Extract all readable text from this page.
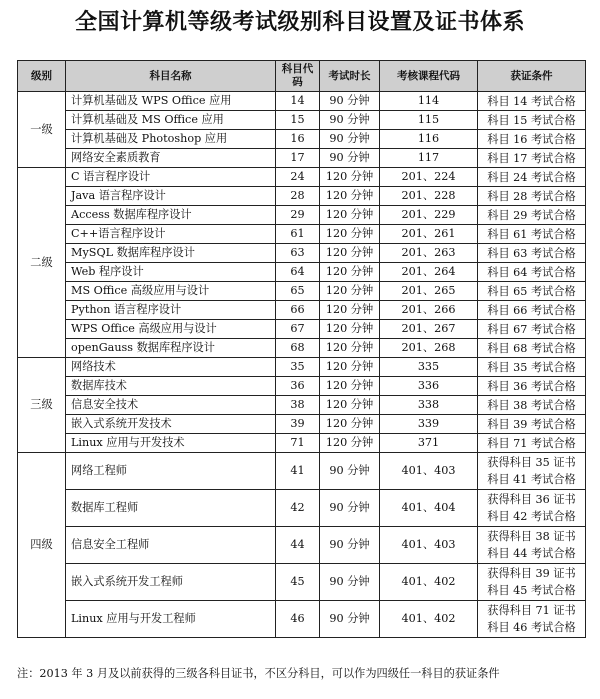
全国计算机等级考试级别科目设置及证书体系
级别	科目名称	科目代码	考试时长	考核课程代码	获证条件
一级	计算机基础及 WPS Office 应用	14	90 分钟	114	科目 14 考试合格
	计算机基础及 MS Office 应用	15	90 分钟	115	科目 15 考试合格
	计算机基础及 Photoshop 应用	16	90 分钟	116	科目 16 考试合格
	网络安全素质教育	17	90 分钟	117	科目 17 考试合格
二级	C 语言程序设计	24	120 分钟	201、224	科目 24 考试合格
	Java 语言程序设计	28	120 分钟	201、228	科目 28 考试合格
	Access 数据库程序设计	29	120 分钟	201、229	科目 29 考试合格
	C++语言程序设计	61	120 分钟	201、261	科目 61 考试合格
	MySQL 数据库程序设计	63	120 分钟	201、263	科目 63 考试合格
	Web 程序设计	64	120 分钟	201、264	科目 64 考试合格
	MS Office 高级应用与设计	65	120 分钟	201、265	科目 65 考试合格
	Python 语言程序设计	66	120 分钟	201、266	科目 66 考试合格
	WPS Office 高级应用与设计	67	120 分钟	201、267	科目 67 考试合格
	openGauss 数据库程序设计	68	120 分钟	201、268	科目 68 考试合格
三级	网络技术	35	120 分钟	335	科目 35 考试合格
	数据库技术	36	120 分钟	336	科目 36 考试合格
	信息安全技术	38	120 分钟	338	科目 38 考试合格
	嵌入式系统开发技术	39	120 分钟	339	科目 39 考试合格
	Linux 应用与开发技术	71	120 分钟	371	科目 71 考试合格
四级	网络工程师	41	90 分钟	401、403	获得科目 35 证书
科目 41 考试合格

	数据库工程师	42	90 分钟	401、404	获得科目 36 证书
科目 42 考试合格

	信息安全工程师	44	90 分钟	401、403	获得科目 38 证书
科目 44 考试合格

	嵌入式系统开发工程师	45	90 分钟	401、402	获得科目 39 证书
科目 45 考试合格

	Linux 应用与开发工程师	46	90 分钟	401、402	获得科目 71 证书
科目 46 考试合格
注：2013 年 3 月及以前获得的三级各科目证书，不区分科目，可以作为四级任一科目的获证条件
